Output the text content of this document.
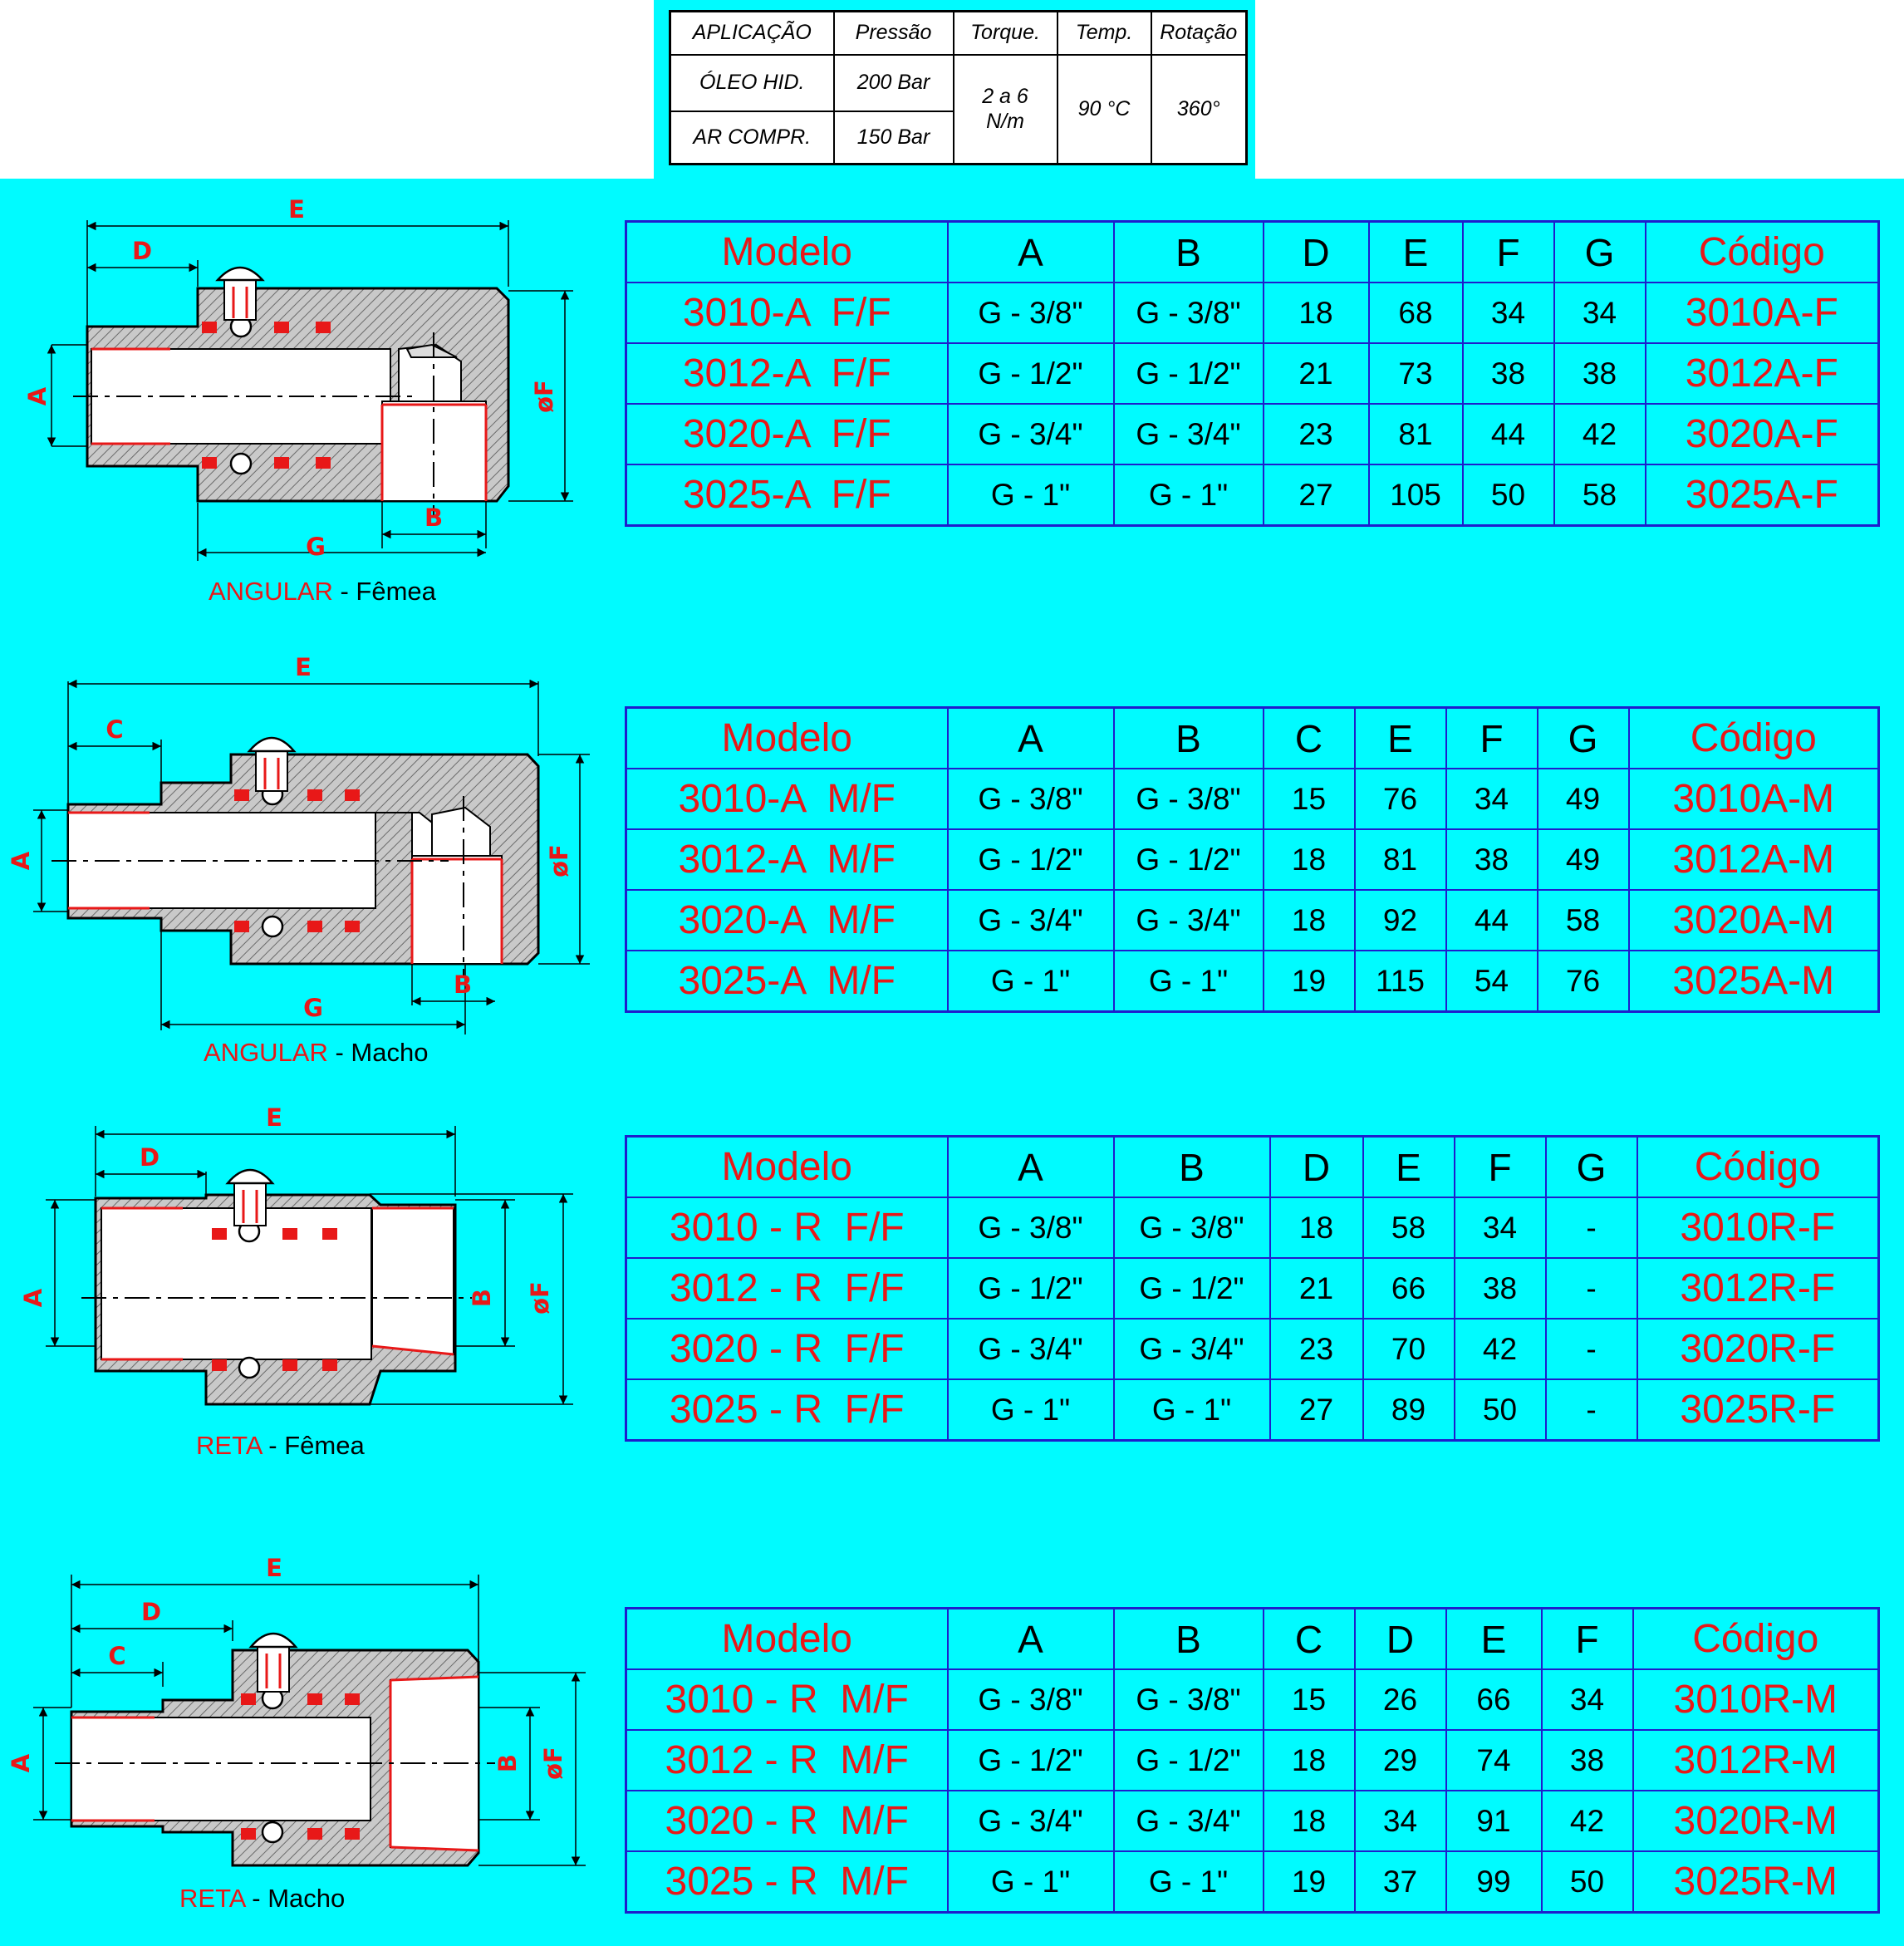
APLICAÇÃO	Pressão	Torque.	Temp.	Rotação
ÓLEO HID.	200 Bar	2 a 6 N/m	90 °C	360°
AR COMPR.	150 Bar			
E
D
A	øF
B
G
ANGULAR - Fêmea
Modelo	A	B	D	E	F	G	Código
3010-A  F/F	G - 3/8"	G - 3/8"	18	68	34	34	3010A-F
3012-A  F/F	G - 1/2"	G - 1/2"	21	73	38	38	3012A-F
3020-A  F/F	G - 3/4"	G - 3/4"	23	81	44	42	3020A-F
3025-A  F/F	G - 1"	G - 1"	27	105	50	58	3025A-F
E
C
A	øF
B
G
ANGULAR - Macho
Modelo	A	B	C	E	F	G	Código
3010-A  M/F	G - 3/8"	G - 3/8"	15	76	34	49	3010A-M
3012-A  M/F	G - 1/2"	G - 1/2"	18	81	38	49	3012A-M
3020-A  M/F	G - 3/4"	G - 3/4"	18	92	44	58	3020A-M
3025-A  M/F	G - 1"	G - 1"	19	115	54	76	3025A-M
E
D
A	B øF
RETA - Fêmea
Modelo	A	B	D	E	F	G	Código
3010 - R  F/F	G - 3/8"	G - 3/8"	18	58	34	-	3010R-F
3012 - R  F/F	G - 1/2"	G - 1/2"	21	66	38	-	3012R-F
3020 - R  F/F	G - 3/4"	G - 3/4"	23	70	42	-	3020R-F
3025 - R  F/F	G - 1"	G - 1"	27	89	50	-	3025R-F
E
D
C
A	B øF
RETA - Macho
Modelo	A	B	C	D	E	F	Código
3010 - R  M/F	G - 3/8"	G - 3/8"	15	26	66	34	3010R-M
3012 - R  M/F	G - 1/2"	G - 1/2"	18	29	74	38	3012R-M
3020 - R  M/F	G - 3/4"	G - 3/4"	18	34	91	42	3020R-M
3025 - R  M/F	G - 1"	G - 1"	19	37	99	50	3025R-M
